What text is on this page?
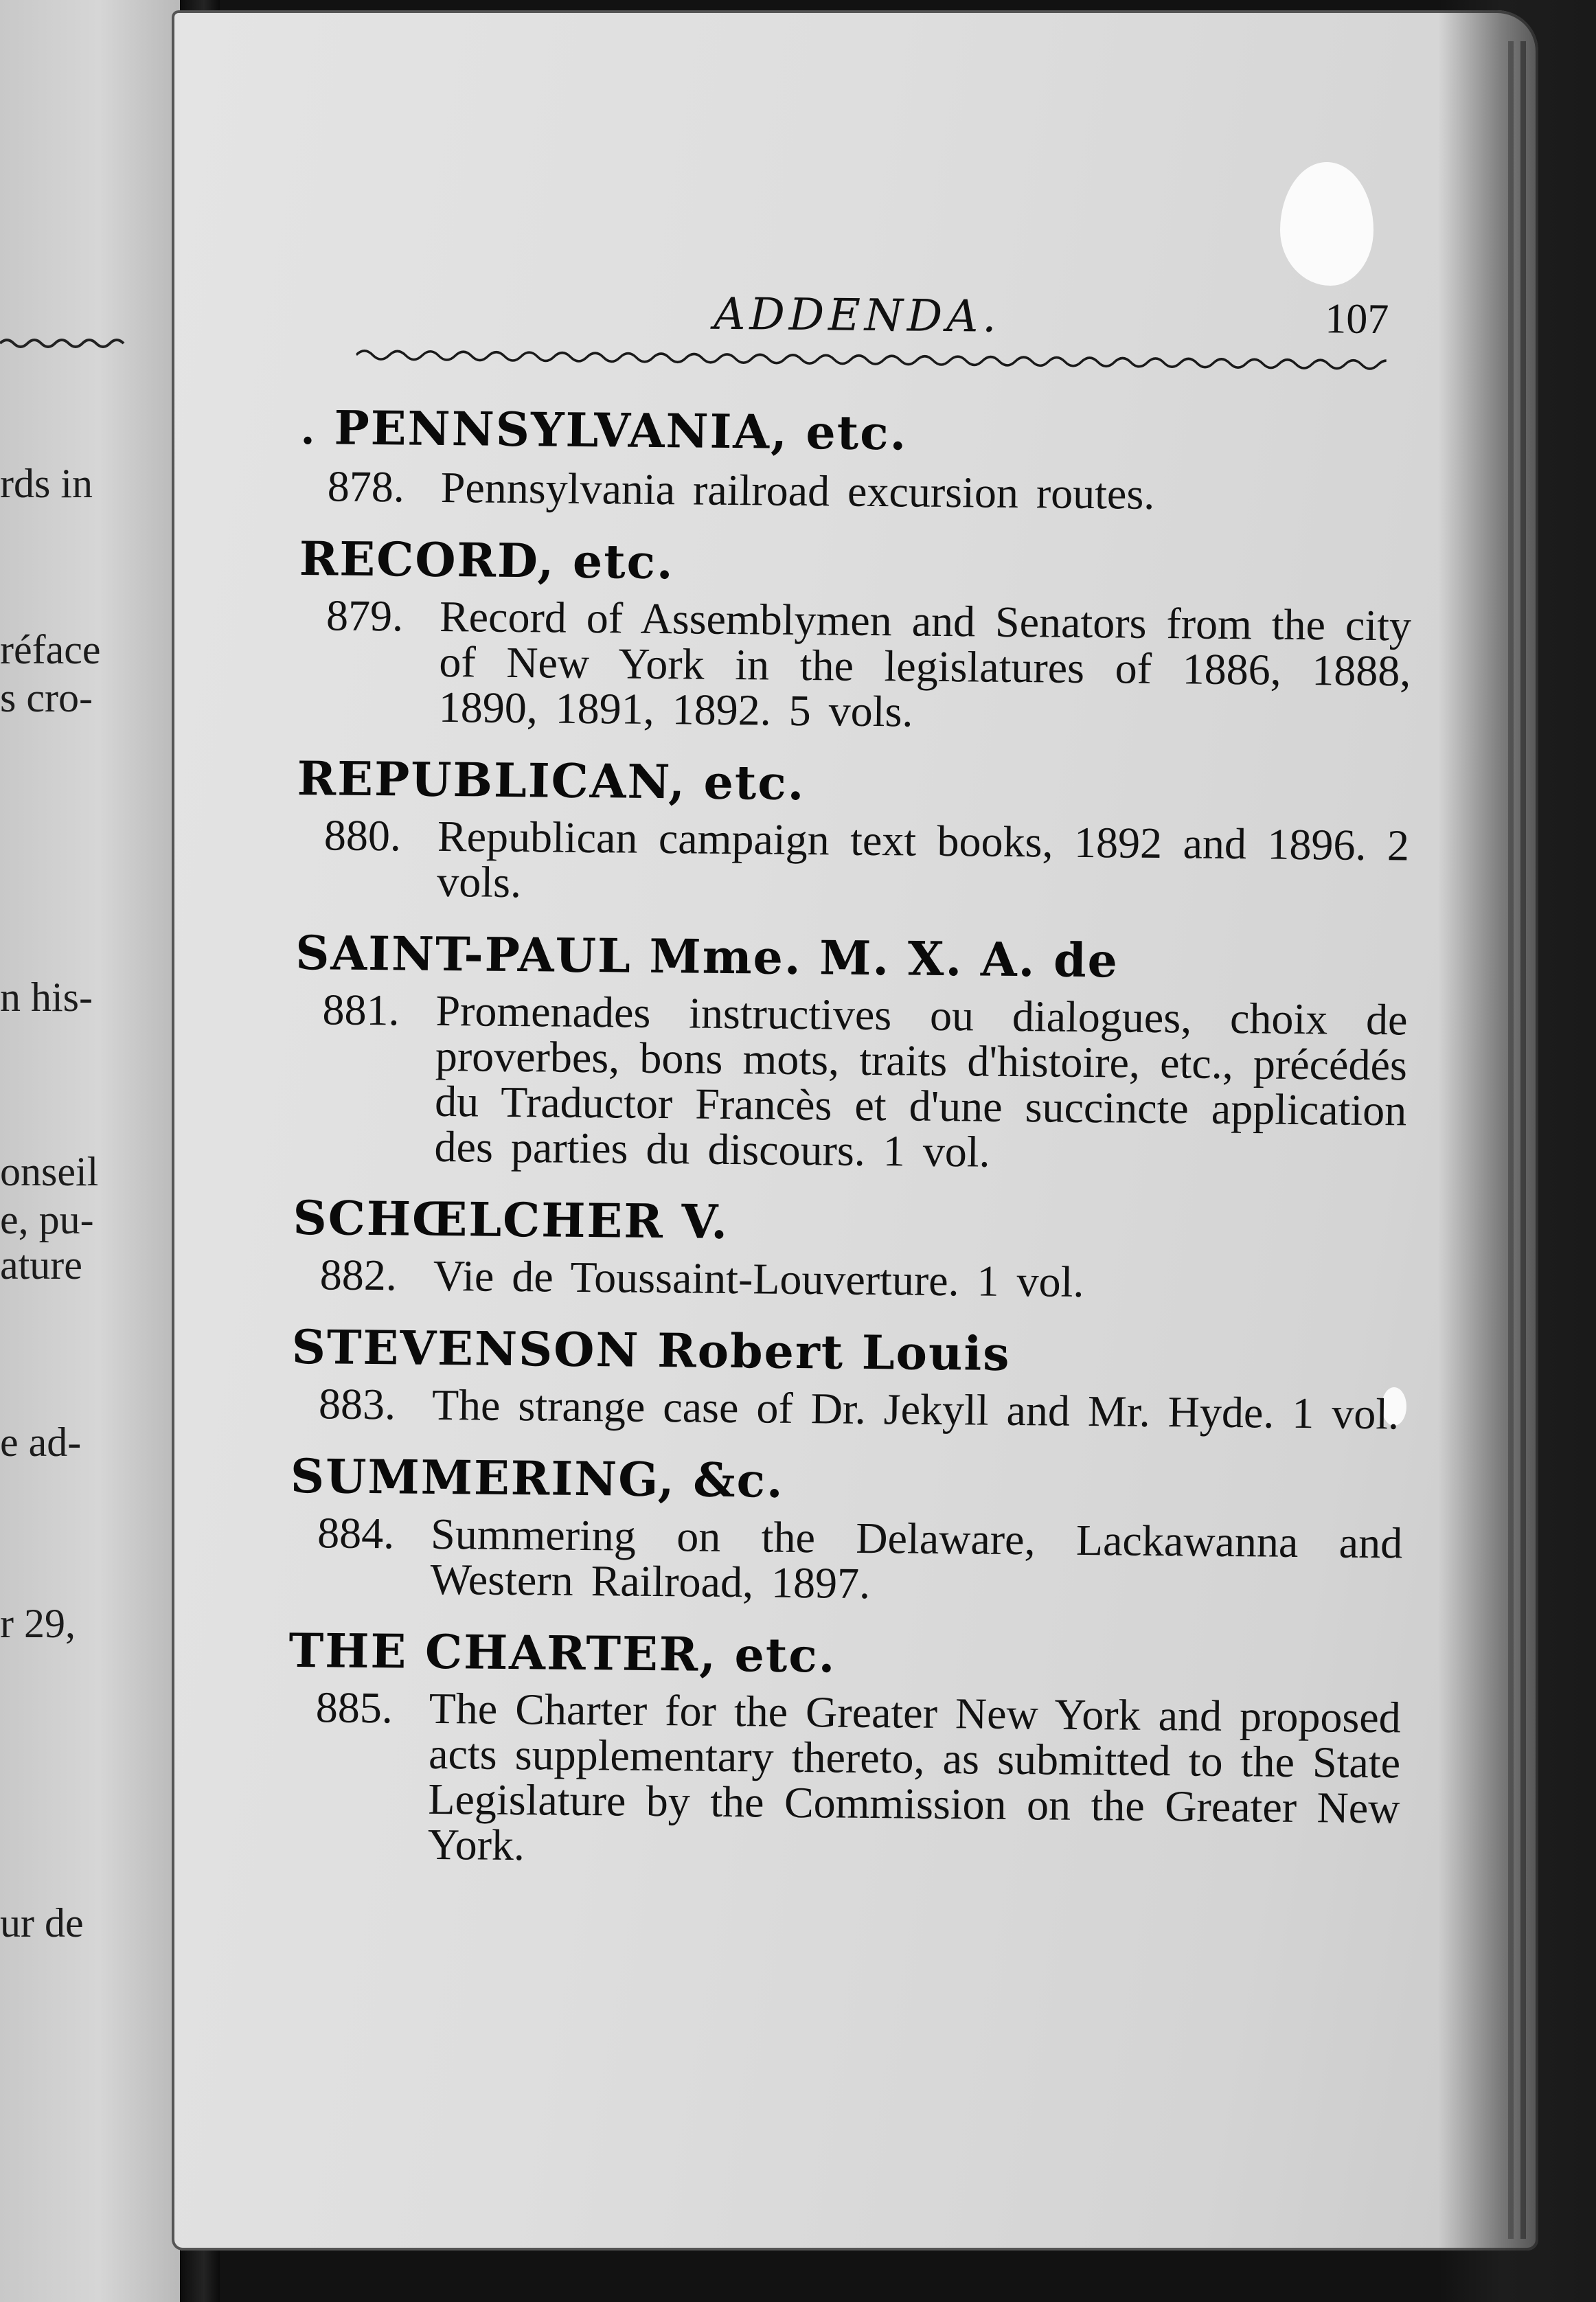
rds in
réface
s cro-
n his-
onseil
e, pu-
ature
e ad-
r 29,
ur de
ADDENDA.	107
. PENNSYLVANIA, etc.
878. Pennsylvania railroad excursion routes.
RECORD, etc.
879. Record of Assemblymen and Senators from the city of New York in the legislatures of 1886, 1888, 1890, 1891, 1892. 5 vols.
REPUBLICAN, etc.
880. Republican campaign text books, 1892 and 1896. 2 vols.
SAINT-PAUL Mme. M. X. A. de
881. Promenades instructives ou dialogues, choix de proverbes, bons mots, traits d'histoire, etc., précédés du Traductor Francès et d'une succincte application des parties du discours. 1 vol.
SCHŒLCHER V.
882. Vie de Toussaint-Louverture. 1 vol.
STEVENSON Robert Louis
883. The strange case of Dr. Jekyll and Mr. Hyde. 1 vol.
SUMMERING, &c.
884. Summering on the Delaware, Lackawanna and Western Railroad, 1897.
THE CHARTER, etc.
885. The Charter for the Greater New York and proposed acts supplementary thereto, as submitted to the State Legislature by the Commission on the Greater New York.
